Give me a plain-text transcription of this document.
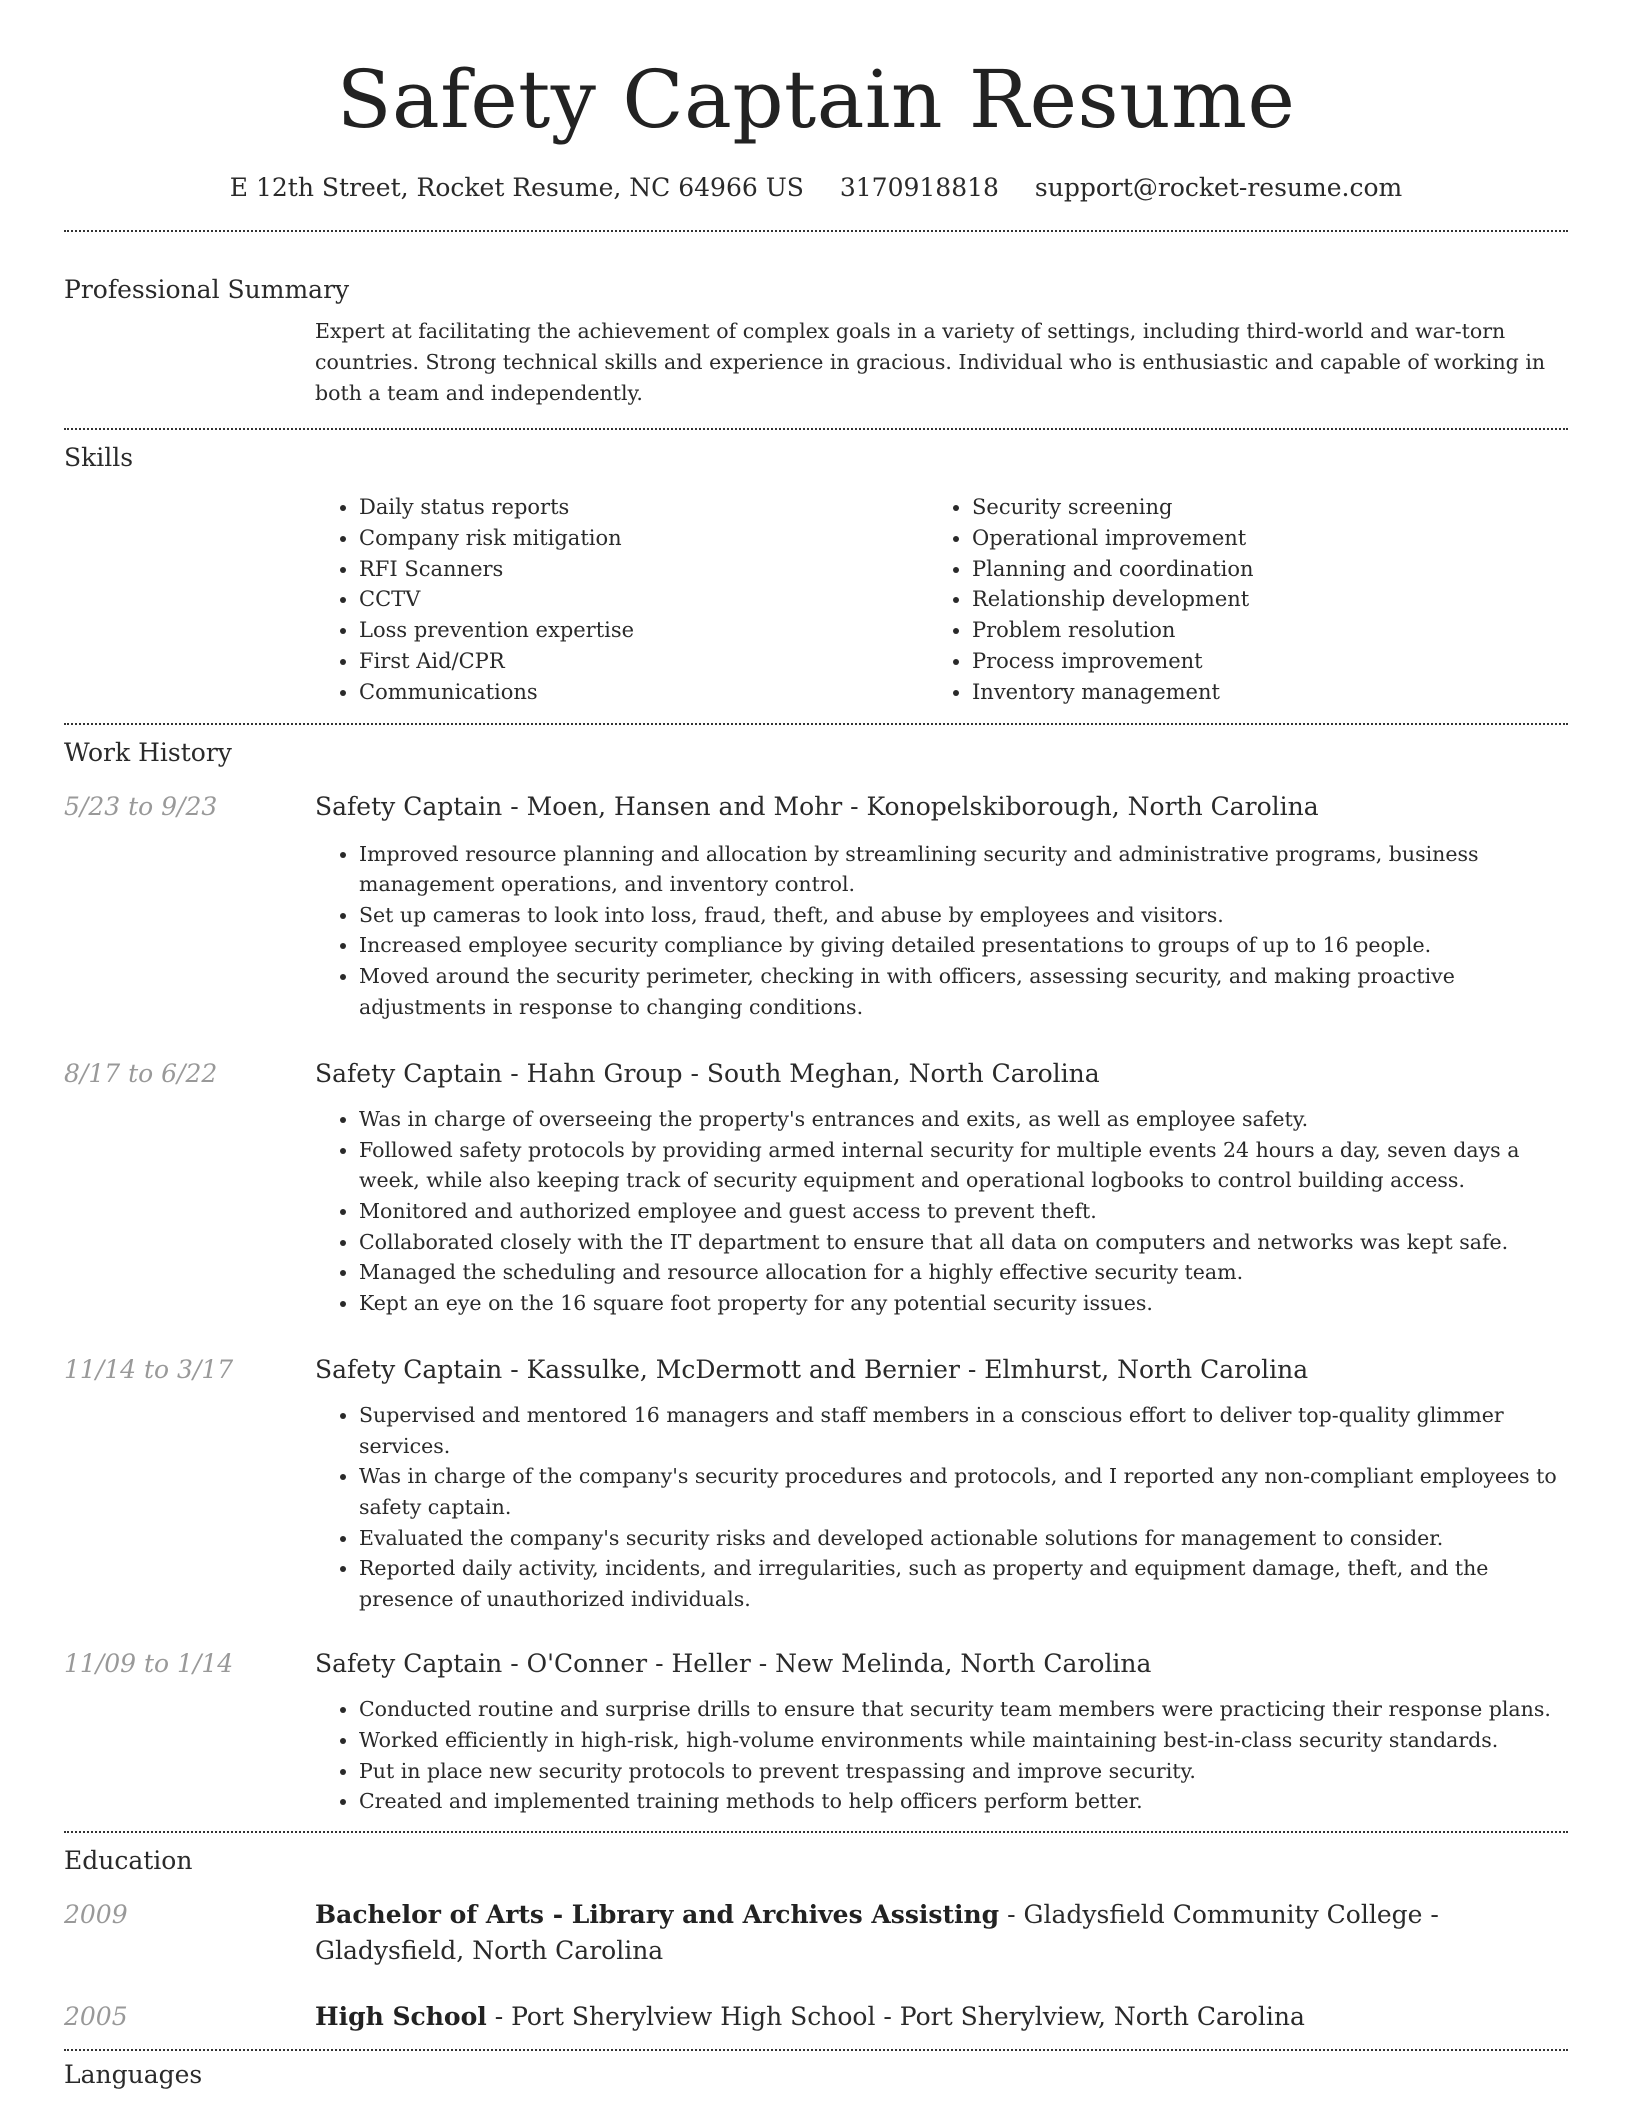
Safety Captain Resume
E 12th Street, Rocket Resume, NC 64966 US 3170918818 support@rocket-resume.com
Professional Summary
Expert at facilitating the achievement of complex goals in a variety of settings, including third-world and war-torn countries. Strong technical skills and experience in gracious. Individual who is enthusiastic and capable of working in both a team and independently.
Skills
• Daily status reports
• Company risk mitigation
• RFI Scanners
• CCTV
• Loss prevention expertise
• First Aid/CPR
• Communications
• Security screening
• Operational improvement
• Planning and coordination
• Relationship development
• Problem resolution
• Process improvement
• Inventory management
Work History
5/23 to 9/23	Safety Captain - Moen, Hansen and Mohr - Konopelskiborough, North Carolina
• Improved resource planning and allocation by streamlining security and administrative programs, business management operations, and inventory control.
• Set up cameras to look into loss, fraud, theft, and abuse by employees and visitors.
• Increased employee security compliance by giving detailed presentations to groups of up to 16 people.
• Moved around the security perimeter, checking in with officers, assessing security, and making proactive adjustments in response to changing conditions.
8/17 to 6/22	Safety Captain - Hahn Group - South Meghan, North Carolina
• Was in charge of overseeing the property's entrances and exits, as well as employee safety.
• Followed safety protocols by providing armed internal security for multiple events 24 hours a day, seven days a week, while also keeping track of security equipment and operational logbooks to control building access.
• Monitored and authorized employee and guest access to prevent theft.
• Collaborated closely with the IT department to ensure that all data on computers and networks was kept safe.
• Managed the scheduling and resource allocation for a highly effective security team.
• Kept an eye on the 16 square foot property for any potential security issues.
11/14 to 3/17	Safety Captain - Kassulke, McDermott and Bernier - Elmhurst, North Carolina
• Supervised and mentored 16 managers and staff members in a conscious effort to deliver top-quality glimmer services.
• Was in charge of the company's security procedures and protocols, and I reported any non-compliant employees to safety captain.
• Evaluated the company's security risks and developed actionable solutions for management to consider.
• Reported daily activity, incidents, and irregularities, such as property and equipment damage, theft, and the presence of unauthorized individuals.
11/09 to 1/14	Safety Captain - O'Conner - Heller - New Melinda, North Carolina
• Conducted routine and surprise drills to ensure that security team members were practicing their response plans.
• Worked efficiently in high-risk, high-volume environments while maintaining best-in-class security standards.
• Put in place new security protocols to prevent trespassing and improve security.
• Created and implemented training methods to help officers perform better.
Education
2009	Bachelor of Arts - Library and Archives Assisting - Gladysfield Community College - Gladysfield, North Carolina
2005	High School - Port Sherylview High School - Port Sherylview, North Carolina
Languages
